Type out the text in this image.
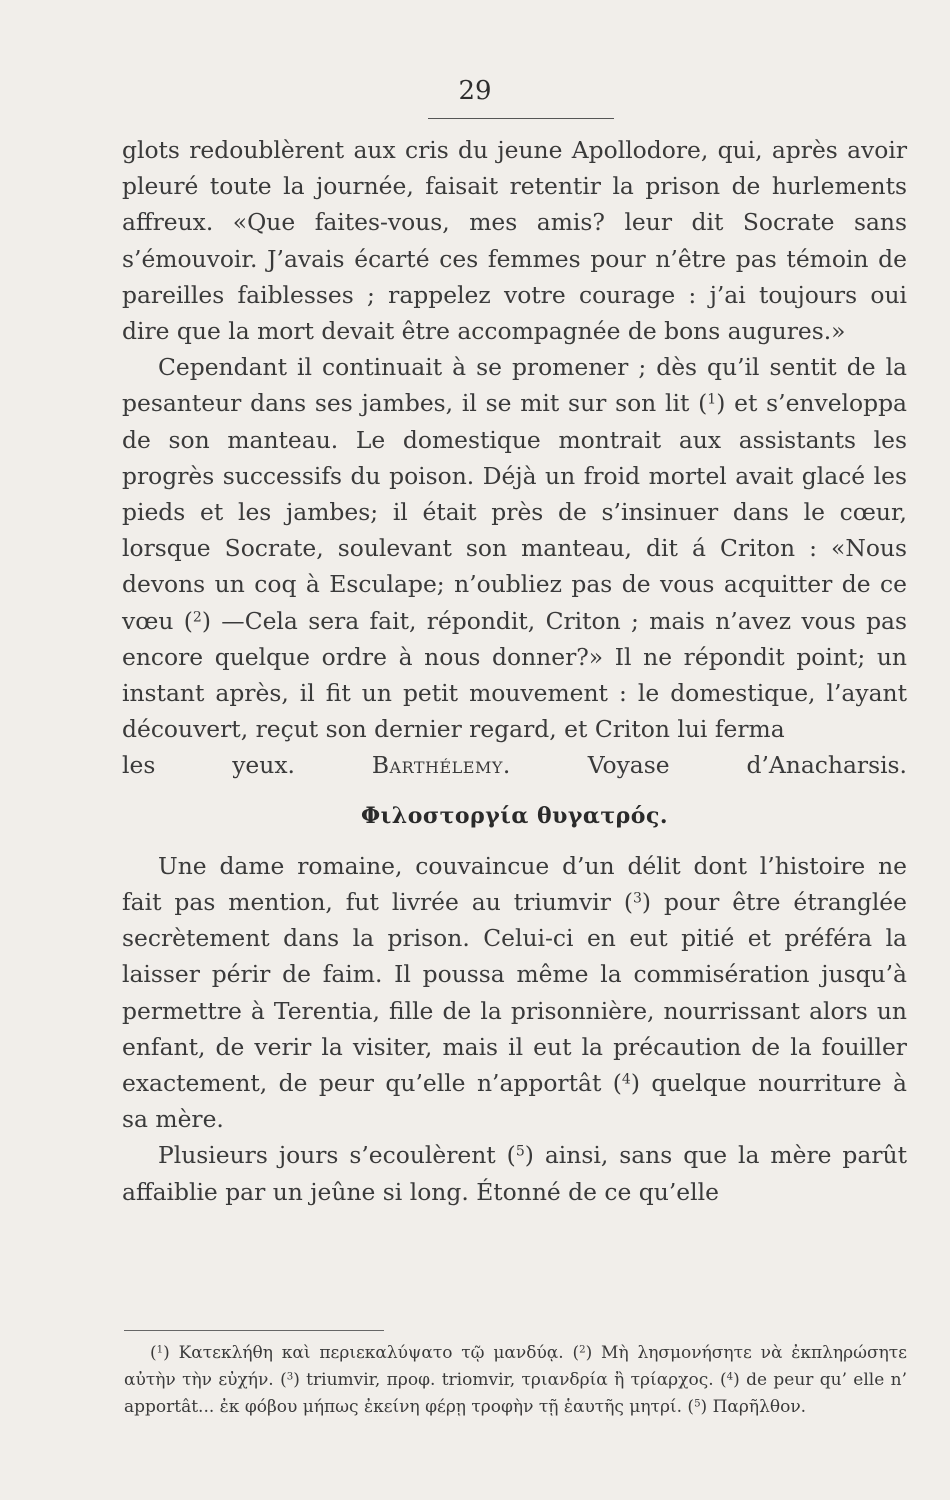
29

glots redoublèrent aux cris du jeune Apollodore, qui, après avoir pleuré toute la journée, faisait retentir la prison de hurlements affreux. «Que faites-vous, mes amis? leur dit Socrate sans s’émouvoir. J’avais écarté ces femmes pour n’être pas témoin de pareilles faiblesses ; rappelez votre courage : j’ai toujours oui dire que la mort devait être accompagnée de bons augures.»

Cependant il continuait à se promener ; dès qu’il sentit de la pesanteur dans ses jambes, il se mit sur son lit ($^1$) et s’enveloppa de son manteau. Le domestique montrait aux assistants les progrès successifs du poison. Déjà un froid mortel avait glacé les pieds et les jambes; il était près de s’insinuer dans le cœur, lorsque Socrate, soulevant son manteau, dit á Criton : «Nous devons un coq à Esculape; n’oubliez pas de vous acquitter de ce vœu ($^2$) —Cela sera fait, répondit, Criton ; mais n’avez vous pas encore quelque ordre à nous donner?» Il ne répondit point; un instant après, il fit un petit mouvement : le domestique, l’ayant découvert, reçut son dernier regard, et Criton lui ferma

les yeux.	Barthélemy.	Voyase d’Anacharsis.

Φιλοστοργία θυγατρός.

Une dame romaine, couvaincue d’un délit dont l’histoire ne fait pas mention, fut livrée au triumvir ($^3$) pour être étranglée secrètement dans la prison. Celui-ci en eut pitié et préféra la laisser périr de faim. Il poussa même la commisération jusqu’à permettre à Terentia, fille de la prisonnière, nourrissant alors un enfant, de verir la visiter, mais il eut la précaution de la fouiller exactement, de peur qu’elle n’apportât ($^4$) quelque nourriture à sa mère.

Plusieurs jours s’ecoulèrent ($^5$) ainsi, sans que la mère parût affaiblie par un jeûne si long. Étonné de ce qu’elle

($^1$) Κατεκλήθη καὶ περιεκαλύψατο τῷ μανδύᾳ. ($^2$) Μὴ λησμονήσητε νὰ ἐκπληρώσητε αὐτὴν τὴν εὐχήν. ($^3$) triumvir, προφ. triomvir, τριανδρία ἢ τρίαρχος. ($^4$) de peur qu’ elle n’ apportât... ἐκ φόβου μήπως ἐκείνη φέρῃ τροφὴν τῇ ἑαυτῆς μητρί. ($^5$) Παρῆλθον.
